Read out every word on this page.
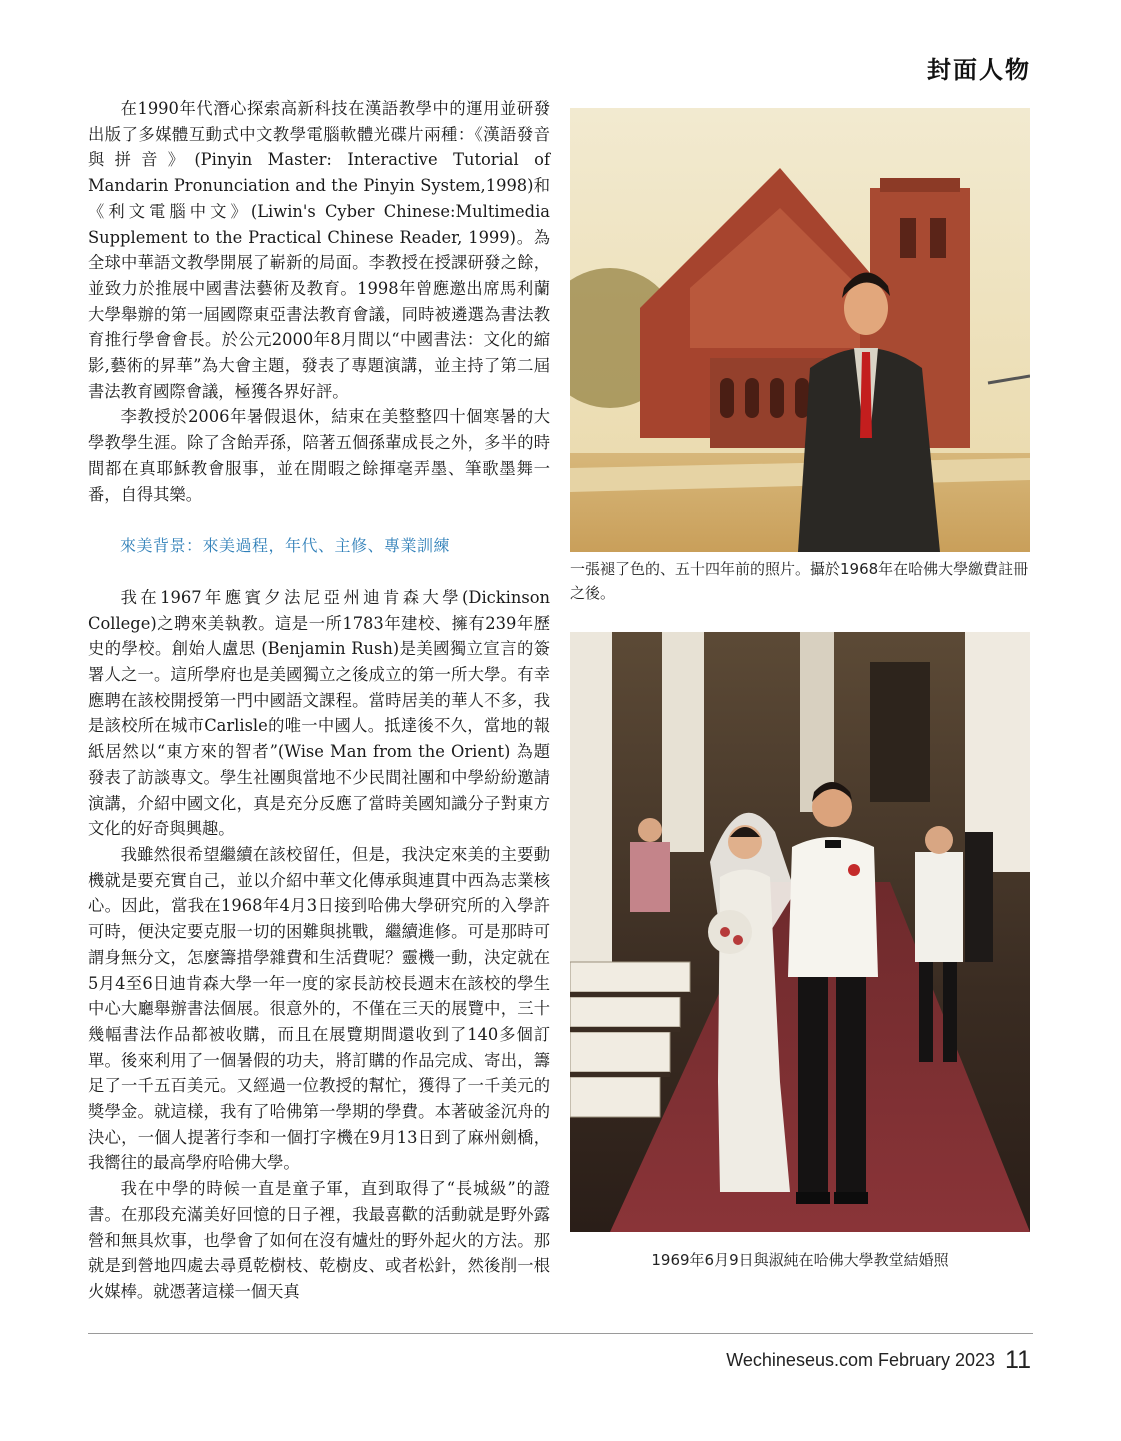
封面人物

在1990年代潛心探索高新科技在漢語教學中的運用並研發出版了多媒體互動式中文教學電腦軟體光碟片兩種：《漢語發音與拼音》(Pinyin Master: Interactive Tutorial of Mandarin Pronunciation and the Pinyin System,1998)和《利文電腦中文》(Liwin's Cyber Chinese:Multimedia Supplement to the Practical Chinese Reader, 1999)。為全球中華語文教學開展了嶄新的局面。李教授在授課研發之餘，並致力於推展中國書法藝術及教育。1998年曾應邀出席馬利蘭大學舉辦的第一屆國際東亞書法教育會議，同時被遴選為書法教育推行學會會長。於公元2000年8月間以“中國書法：文化的縮影,藝術的昇華”為大會主題，發表了專題演講，並主持了第二屆書法教育國際會議，極獲各界好評。

李教授於2006年暑假退休，結束在美整整四十個寒暑的大學教學生涯。除了含飴弄孫，陪著五個孫輩成長之外，多半的時間都在真耶穌教會服事，並在閒暇之餘揮毫弄墨、筆歌墨舞一番，自得其樂。

來美背景：來美過程，年代、主修、專業訓練

我在1967年應賓夕法尼亞州迪肯森大學(Dickinson College)之聘來美執教。這是一所1783年建校、擁有239年歷史的學校。創始人盧思 (Benjamin Rush)是美國獨立宣言的簽署人之一。這所學府也是美國獨立之後成立的第一所大學。有幸應聘在該校開授第一門中國語文課程。當時居美的華人不多，我是該校所在城市Carlisle的唯一中國人。抵達後不久，當地的報紙居然以“東方來的智者”(Wise Man from the Orient) 為題發表了訪談專文。學生社團與當地不少民間社團和中學紛紛邀請演講，介紹中國文化，真是充分反應了當時美國知識分子對東方文化的好奇與興趣。

我雖然很希望繼續在該校留任，但是，我決定來美的主要動機就是要充實自己，並以介紹中華文化傳承與連貫中西為志業核心。因此，當我在1968年4月3日接到哈佛大學研究所的入學許可時，便決定要克服一切的困難與挑戰，繼續進修。可是那時可謂身無分文，怎麼籌措學雜費和生活費呢？靈機一動，決定就在5月4至6日迪肯森大學一年一度的家長訪校長週末在該校的學生中心大廳舉辦書法個展。很意外的，不僅在三天的展覽中，三十幾幅書法作品都被收購，而且在展覽期間還收到了140多個訂單。後來利用了一個暑假的功夫，將訂購的作品完成、寄出，籌足了一千五百美元。又經過一位教授的幫忙，獲得了一千美元的獎學金。就這樣，我有了哈佛第一學期的學費。本著破釜沉舟的決心，一個人提著行李和一個打字機在9月13日到了麻州劍橋，我嚮往的最高學府哈佛大學。

我在中學的時候一直是童子軍，直到取得了“長城級”的證書。在那段充滿美好回憶的日子裡，我最喜歡的活動就是野外露營和無具炊事，也學會了如何在沒有爐灶的野外起火的方法。那就是到營地四處去尋覓乾樹枝、乾樹皮、或者松針，然後削一根火媒棒。就憑著這樣一個天真

一張褪了色的、五十四年前的照片。攝於1968年在哈佛大學繳費註冊之後。
1969年6月9日與淑純在哈佛大學教堂結婚照
Wechineseus.com February 2023 11
